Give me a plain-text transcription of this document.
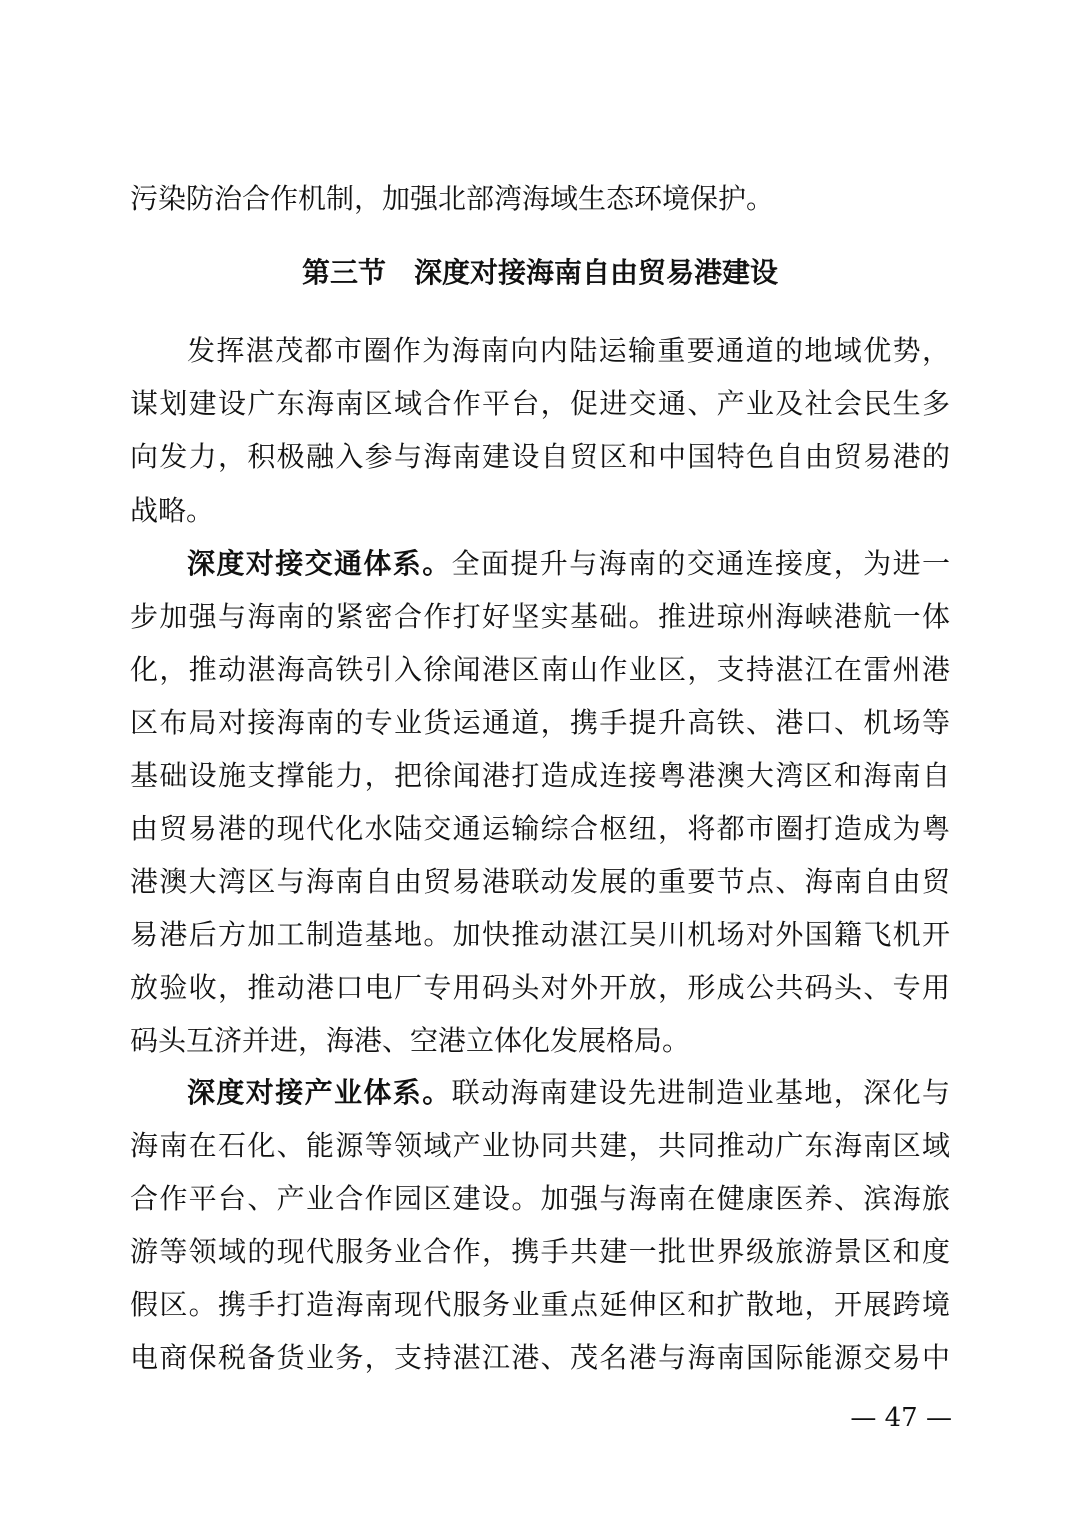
污染防治合作机制，加强北部湾海域生态环境保护。
第三节 深度对接海南自由贸易港建设
发挥湛茂都市圈作为海南向内陆运输重要通道的地域优势，
谋划建设广东海南区域合作平台，促进交通、产业及社会民生多
向发力，积极融入参与海南建设自贸区和中国特色自由贸易港的
战略。
深度对接交通体系。全面提升与海南的交通连接度，为进一
步加强与海南的紧密合作打好坚实基础。推进琼州海峡港航一体
化，推动湛海高铁引入徐闻港区南山作业区，支持湛江在雷州港
区布局对接海南的专业货运通道，携手提升高铁、港口、机场等
基础设施支撑能力，把徐闻港打造成连接粤港澳大湾区和海南自
由贸易港的现代化水陆交通运输综合枢纽，将都市圈打造成为粤
港澳大湾区与海南自由贸易港联动发展的重要节点、海南自由贸
易港后方加工制造基地。加快推动湛江吴川机场对外国籍飞机开
放验收，推动港口电厂专用码头对外开放，形成公共码头、专用
码头互济并进，海港、空港立体化发展格局。
深度对接产业体系。联动海南建设先进制造业基地，深化与
海南在石化、能源等领域产业协同共建，共同推动广东海南区域
合作平台、产业合作园区建设。加强与海南在健康医养、滨海旅
游等领域的现代服务业合作，携手共建一批世界级旅游景区和度
假区。携手打造海南现代服务业重点延伸区和扩散地，开展跨境
电商保税备货业务，支持湛江港、茂名港与海南国际能源交易中
— 47 —
